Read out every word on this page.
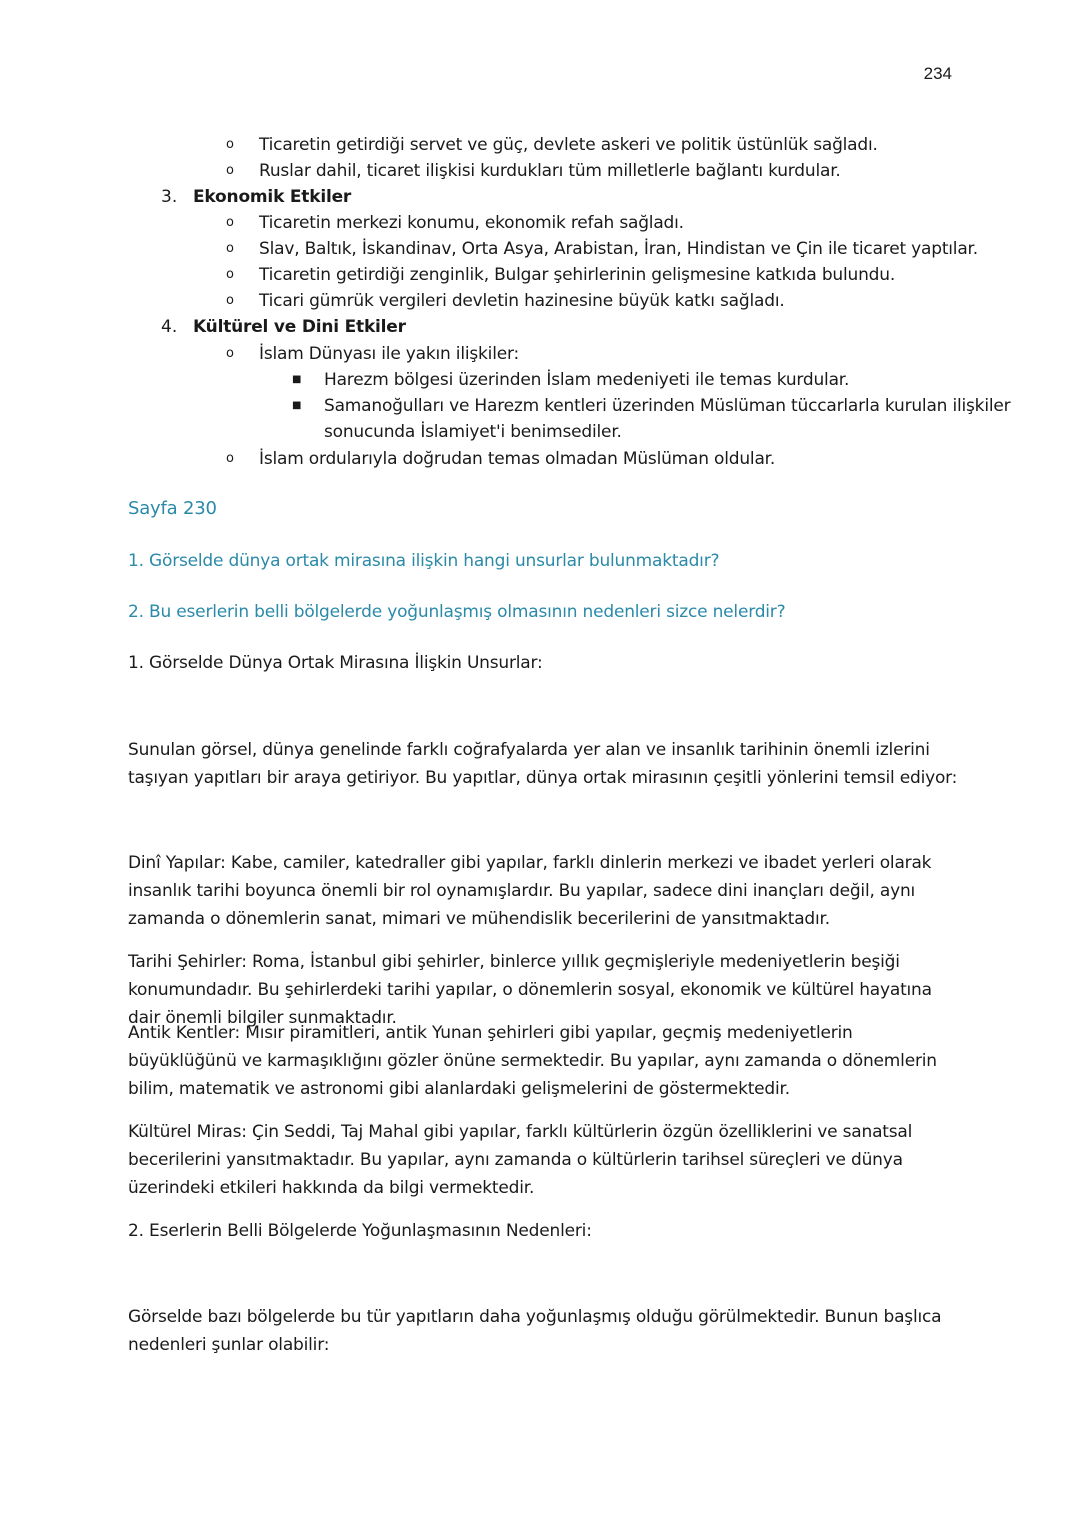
234
o Ticaretin getirdiği servet ve güç, devlete askeri ve politik üstünlük sağladı.
o Ruslar dahil, ticaret ilişkisi kurdukları tüm milletlerle bağlantı kurdular.
3. Ekonomik Etkiler
o Ticaretin merkezi konumu, ekonomik refah sağladı.
o Slav, Baltık, İskandinav, Orta Asya, Arabistan, İran, Hindistan ve Çin ile ticaret yaptılar.
o Ticaretin getirdiği zenginlik, Bulgar şehirlerinin gelişmesine katkıda bulundu.
o Ticari gümrük vergileri devletin hazinesine büyük katkı sağladı.
4. Kültürel ve Dini Etkiler
o İslam Dünyası ile yakın ilişkiler:
■ Harezm bölgesi üzerinden İslam medeniyeti ile temas kurdular.
■ Samanoğulları ve Harezm kentleri üzerinden Müslüman tüccarlarla kurulan ilişkiler
sonucunda İslamiyet'i benimsediler.
o İslam ordularıyla doğrudan temas olmadan Müslüman oldular.
Sayfa 230
1. Görselde dünya ortak mirasına ilişkin hangi unsurlar bulunmaktadır?
2. Bu eserlerin belli bölgelerde yoğunlaşmış olmasının nedenleri sizce nelerdir?
1. Görselde Dünya Ortak Mirasına İlişkin Unsurlar:
Sunulan görsel, dünya genelinde farklı coğrafyalarda yer alan ve insanlık tarihinin önemli izlerini taşıyan yapıtları bir araya getiriyor. Bu yapıtlar, dünya ortak mirasının çeşitli yönlerini temsil ediyor:
Dinî Yapılar: Kabe, camiler, katedraller gibi yapılar, farklı dinlerin merkezi ve ibadet yerleri olarak insanlık tarihi boyunca önemli bir rol oynamışlardır. Bu yapılar, sadece dini inançları değil, aynı zamanda o dönemlerin sanat, mimari ve mühendislik becerilerini de yansıtmaktadır.
Tarihi Şehirler: Roma, İstanbul gibi şehirler, binlerce yıllık geçmişleriyle medeniyetlerin beşiği konumundadır. Bu şehirlerdeki tarihi yapılar, o dönemlerin sosyal, ekonomik ve kültürel hayatına dair önemli bilgiler sunmaktadır.
Antik Kentler: Mısır piramitleri, antik Yunan şehirleri gibi yapılar, geçmiş medeniyetlerin büyüklüğünü ve karmaşıklığını gözler önüne sermektedir. Bu yapılar, aynı zamanda o dönemlerin bilim, matematik ve astronomi gibi alanlardaki gelişmelerini de göstermektedir.
Kültürel Miras: Çin Seddi, Taj Mahal gibi yapılar, farklı kültürlerin özgün özelliklerini ve sanatsal becerilerini yansıtmaktadır. Bu yapılar, aynı zamanda o kültürlerin tarihsel süreçleri ve dünya üzerindeki etkileri hakkında da bilgi vermektedir.
2. Eserlerin Belli Bölgelerde Yoğunlaşmasının Nedenleri:
Görselde bazı bölgelerde bu tür yapıtların daha yoğunlaşmış olduğu görülmektedir. Bunun başlıca nedenleri şunlar olabilir:
